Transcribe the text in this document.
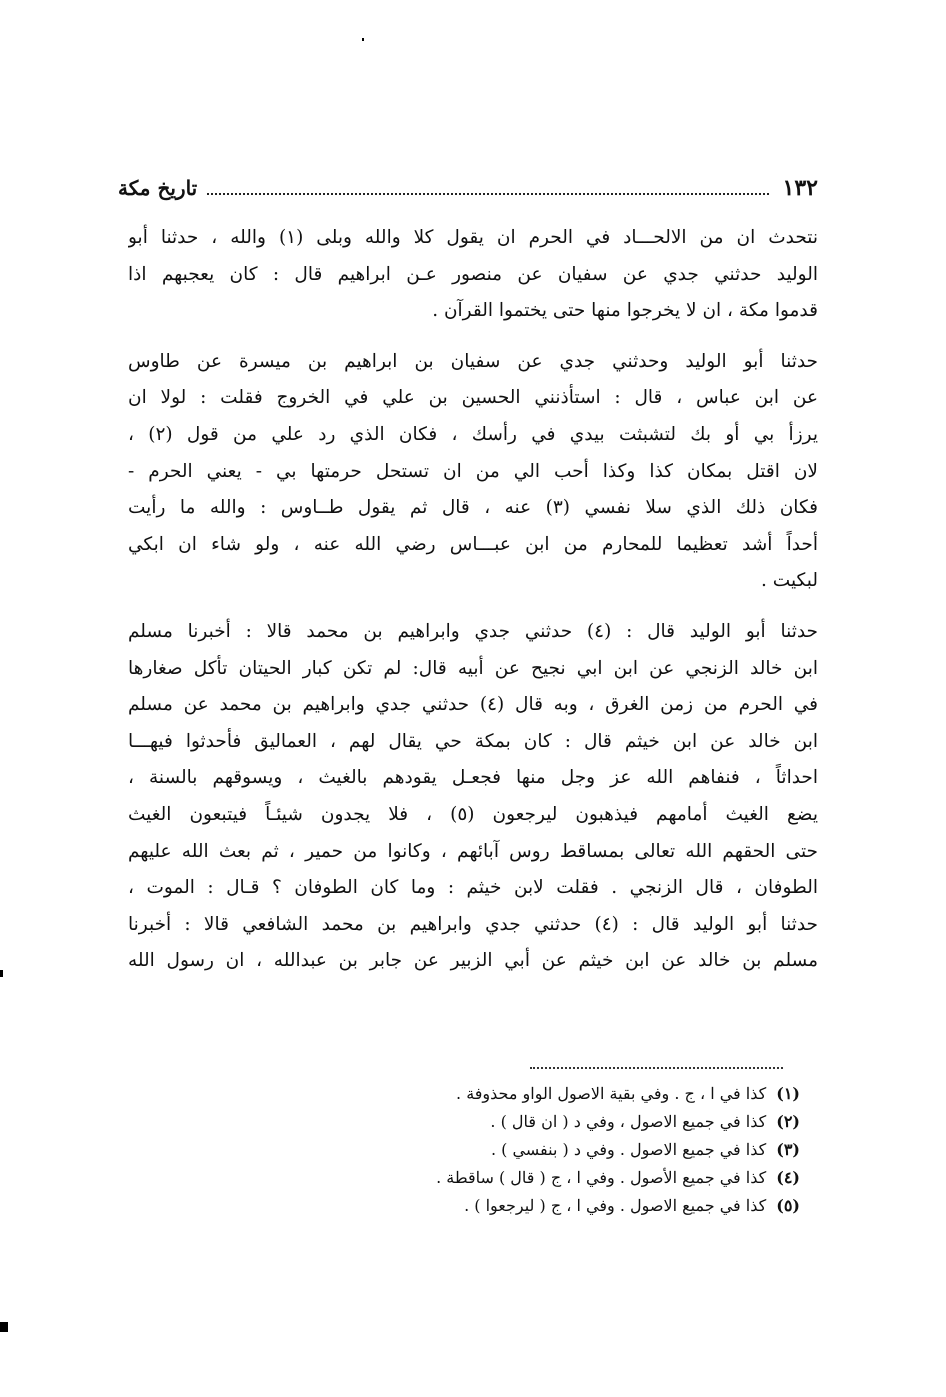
١٣٢
تاريخ مكة
نتحدث ان من الالحـــاد في الحرم ان يقول كلا والله وبلى (١) والله ، حدثنا أبو
الوليد حدثني جدي عن سفيان عن منصور عـن ابراهيم قال : كان يعجبهم اذا
قدموا مكة ، ان لا يخرجوا منها حتى يختموا القرآن .
حدثنا أبو الوليد وحدثني جدي عن سفيان بن ابراهيم بن ميسرة عن طاوس
عن ابن عباس ، قال : استأذنني الحسين بن علي في الخروج فقلت : لولا ان
يرزأ بي أو بك لتشبثت بيدي في رأسك ، فكان الذي رد علي من قول (٢) ،
لان اقتل بمكان كذا وكذا أحب الي من ان تستحل حرمتها بي - يعني الحرم -
فكان ذلك الذي سلا نفسي (٣) عنه ، قال ثم يقول طــاوس : والله ما رأيت
أحداً أشد تعظيما للمحارم من ابن عبـــاس رضي الله عنه ، ولو شاء ان ابكي
لبكيت .
حدثنا أبو الوليد قال : (٤) حدثني جدي وابراهيم بن محمد قالا : أخبرنا مسلم
ابن خالد الزنجي عن ابن ابي نجيح عن أبيه قال: لم تكن كبار الحيتان تأكل صغارها
في الحرم من زمن الغرق ، وبه قال (٤) حدثني جدي وابراهيم بن محمد عن مسلم
ابن خالد عن ابن خيثم قال : كان بمكة حي يقال لهم ، العماليق فأحدثوا فيهـــا
احداثاً ، فنفاهم الله عز وجل منها فجعـل يقودهم بالغيث ، ويسوقهم بالسنة ،
يضع الغيث أمامهم فيذهبون ليرجعون (٥) ، فلا يجدون شيئـاً فيتبعون الغيث
حتى الحقهم الله تعالى بمساقط روس آبائهم ، وكانوا من حمير ، ثم بعث الله عليهم
الطوفان ، قال الزنجي . فقلت لابن خيثم : وما كان الطوفان ؟ قـال : الموت ،
حدثنا أبو الوليد قال : (٤) حدثني جدي وابراهيم بن محمد الشافعي قالا : أخبرنا
مسلم بن خالد عن ابن خيثم عن أبي الزبير عن جابر بن عبدالله ، ان رسول الله
(١)كذا في ا ، ج . وفي بقية الاصول الواو محذوفة .
(٢)كذا في جميع الاصول ، وفي د ( ان قال ) .
(٣)كذا في جميع الاصول . وفي د ( بنفسي ) .
(٤)كذا في جميع الأصول . وفي ا ، ج ( قال ) ساقطة .
(٥)كذا في جميع الاصول . وفي ا ، ج ( ليرجعوا ) .
